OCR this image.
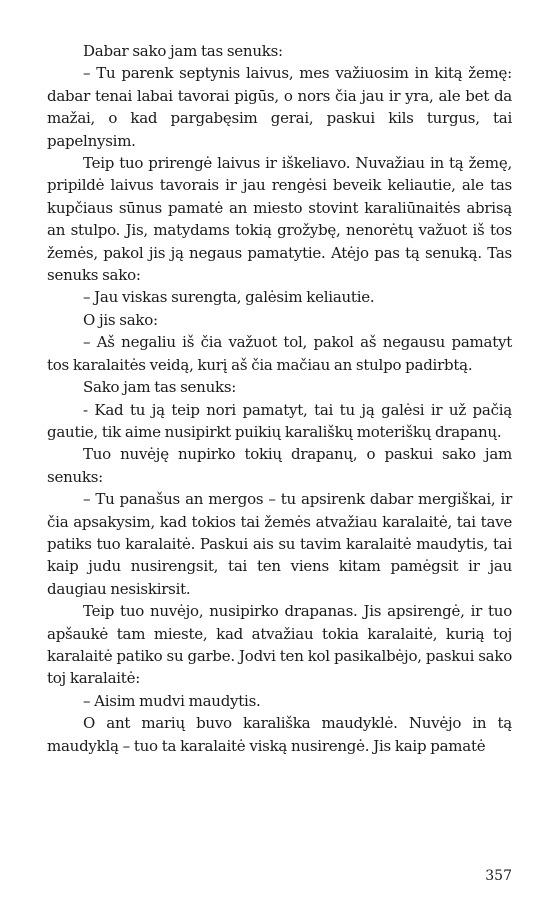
Dabar sako jam tas senuks:

– Tu parenk septynis laivus, mes važiuosim in kitą žemę: dabar tenai labai tavorai pigūs, o nors čia jau ir yra, ale bet da mažai, o kad pargabęsim gerai, paskui kils turgus, tai papelnysim.

Teip tuo prirengė laivus ir iškeliavo. Nuvažiau in tą žemę, pripildė laivus tavorais ir jau rengėsi beveik keliautie, ale tas kupčiaus sūnus pamatė an miesto stovint karaliūnaitės abrisą an stulpo. Jis, matydams tokią grožybę, nenorėtų važuot iš tos žemės, pakol jis ją negaus pamatytie. Atėjo pas tą senuką. Tas senuks sako:

– Jau viskas surengta, galėsim keliautie.

O jis sako:

– Aš negaliu iš čia važuot tol, pakol aš negausu pamatyt tos karalaitės veidą, kurį aš čia mačiau an stulpo padirbtą.

Sako jam tas senuks:

- Kad tu ją teip nori pamatyt, tai tu ją galėsi ir už pačią gautie, tik aime nusipirkt puikių karališkų moteriškų drapanų.

Tuo nuvėję nupirko tokių drapanų, o paskui sako jam senuks:

– Tu panašus an mergos – tu apsirenk dabar mergiškai, ir čia apsakysim, kad tokios tai žemės atvažiau karalaitė, tai tave patiks tuo karalaitė. Paskui ais su tavim karalaitė maudytis, tai kaip judu nusirengsit, tai ten viens kitam pamėgsit ir jau daugiau nesiskirsit.

Teip tuo nuvėjo, nusipirko drapanas. Jis apsirengė, ir tuo apšaukė tam mieste, kad atvažiau tokia karalaitė, kurią toj karalaitė patiko su garbe. Jodvi ten kol pasikalbėjo, paskui sako toj karalaitė:

– Aisim mudvi maudytis.

O ant marių buvo karališka maudyklė. Nuvėjo in tą maudyklą – tuo ta karalaitė viską nusirengė. Jis kaip pamatė

357
